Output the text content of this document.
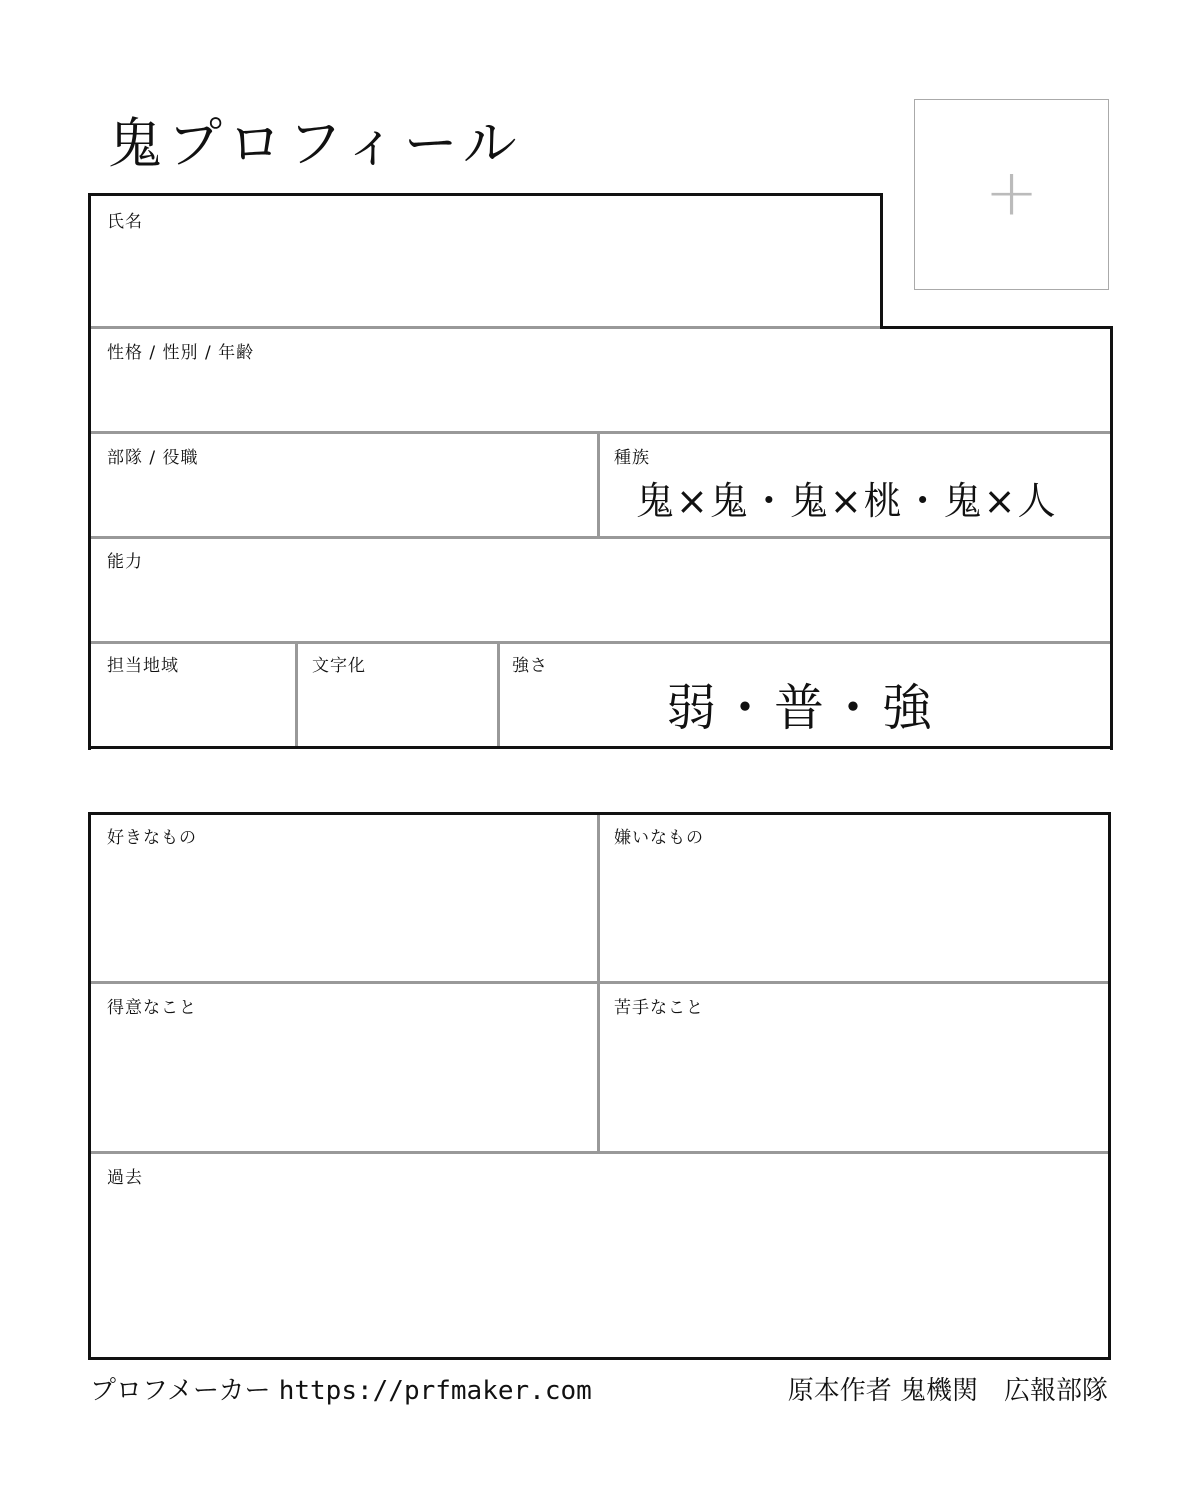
鬼プロフィール
+
氏名
性格 / 性別 / 年齢
部隊 / 役職	種族
鬼×鬼・鬼×桃・鬼×人
能力
担当地域	文字化	強さ
弱・普・強
好きなもの	嫌いなもの
得意なこと	苦手なこと
過去
プロフメーカー https://prfmaker.com	原本作者 鬼機関　広報部隊
